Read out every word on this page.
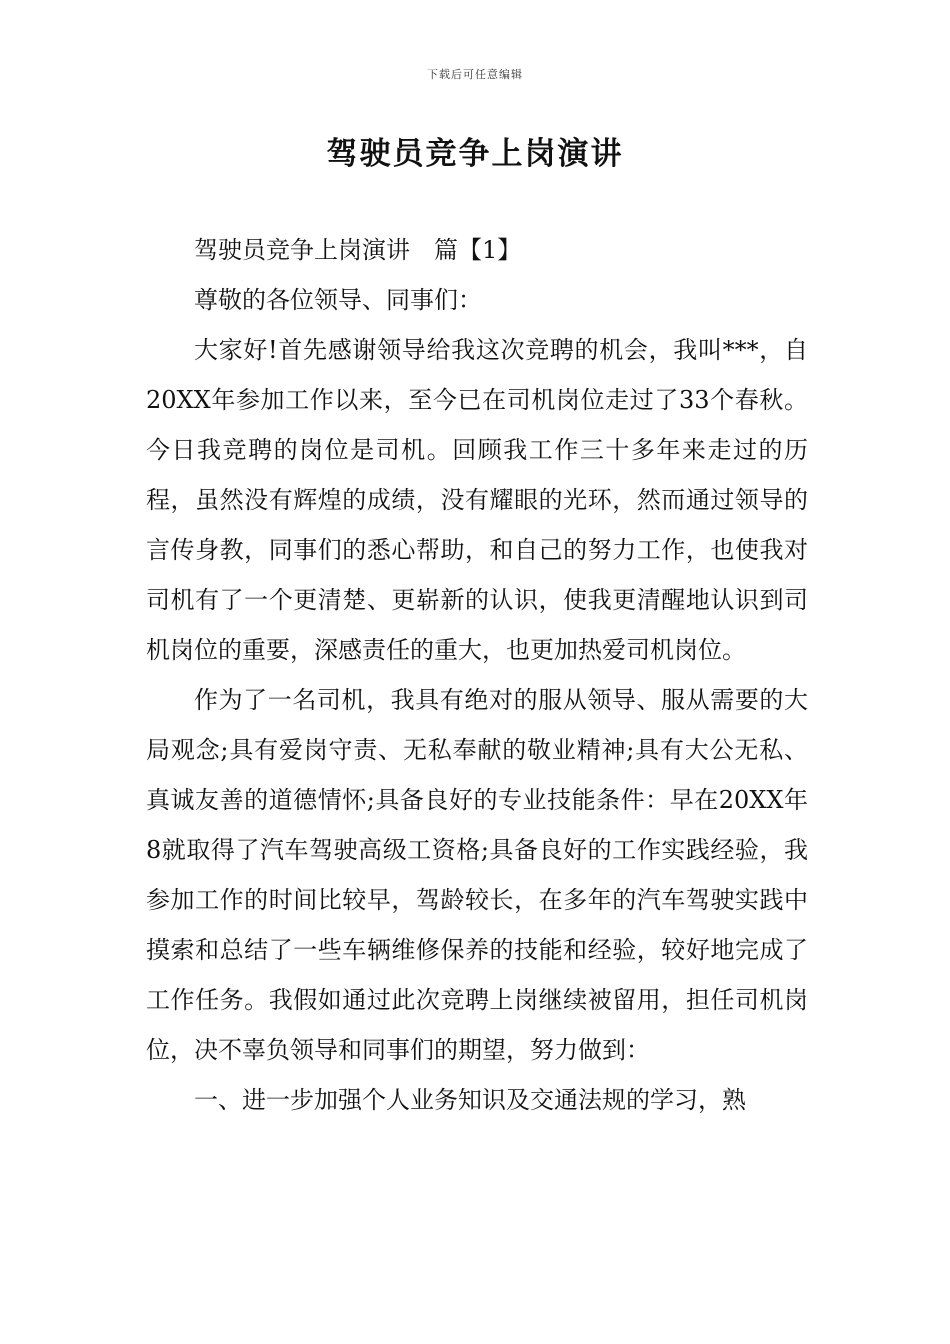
下载后可任意编辑
驾驶员竞争上岗演讲

驾驶员竞争上岗演讲　篇【1】

尊敬的各位领导、同事们：

大家好!首先感谢领导给我这次竞聘的机会，我叫***，自20XX年参加工作以来，至今已在司机岗位走过了33个春秋。今日我竞聘的岗位是司机。回顾我工作三十多年来走过的历程，虽然没有辉煌的成绩，没有耀眼的光环，然而通过领导的言传身教，同事们的悉心帮助，和自己的努力工作，也使我对司机有了一个更清楚、更崭新的认识，使我更清醒地认识到司机岗位的重要，深感责任的重大，也更加热爱司机岗位。

作为了一名司机，我具有绝对的服从领导、服从需要的大局观念;具有爱岗守责、无私奉献的敬业精神;具有大公无私、真诚友善的道德情怀;具备良好的专业技能条件：早在20XX年8就取得了汽车驾驶高级工资格;具备良好的工作实践经验，我参加工作的时间比较早，驾龄较长，在多年的汽车驾驶实践中摸索和总结了一些车辆维修保养的技能和经验，较好地完成了工作任务。我假如通过此次竞聘上岗继续被留用，担任司机岗位，决不辜负领导和同事们的期望，努力做到：

一、进一步加强个人业务知识及交通法规的学习，熟
